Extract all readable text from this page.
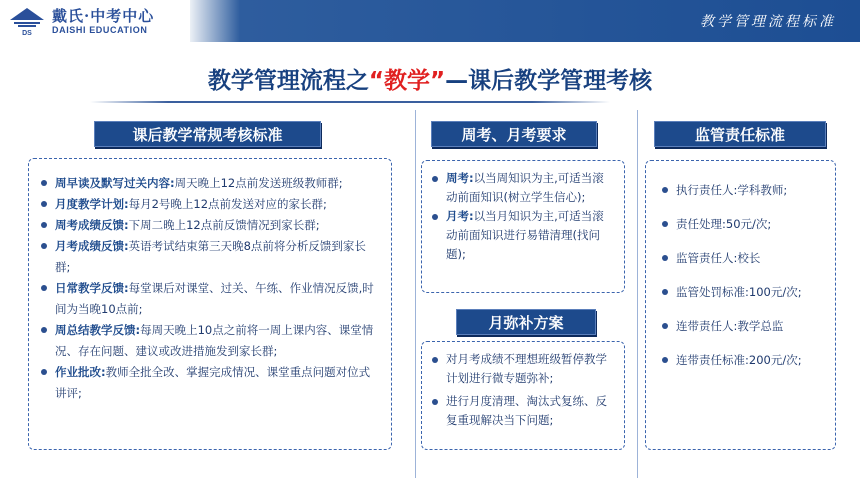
DS
戴氏·中考中心
DAISHI EDUCATION	教学管理流程标准
教学管理流程之“教学”—课后教学管理考核
课后教学常规考核标准
周早读及默写过关内容:周天晚上12点前发送班级教师群;
月度教学计划:每月2号晚上12点前发送对应的家长群;
周考成绩反馈:下周二晚上12点前反馈情况到家长群;
月考成绩反馈:英语考试结束第三天晚8点前将分析反馈到家长群;
日常教学反馈:每堂课后对课堂、过关、午练、作业情况反馈,时间为当晚10点前;
周总结教学反馈:每周天晚上10点之前将一周上课内容、课堂情况、存在问题、建议或改进措施发到家长群;
作业批改:教师全批全改、掌握完成情况、课堂重点问题对位式讲评;
周考、月考要求
周考:以当周知识为主,可适当滚动前面知识(树立学生信心);
月考:以当月知识为主,可适当滚动前面知识进行易错清理(找问题);
月弥补方案
对月考成绩不理想班级暂停教学计划进行微专题弥补;
进行月度清理、淘汰式复练、反复重现解决当下问题;
监管责任标准
执行责任人:学科教师;
责任处理:50元/次;
监管责任人:校长
监管处罚标准:100元/次;
连带责任人:教学总监
连带责任标准:200元/次;
